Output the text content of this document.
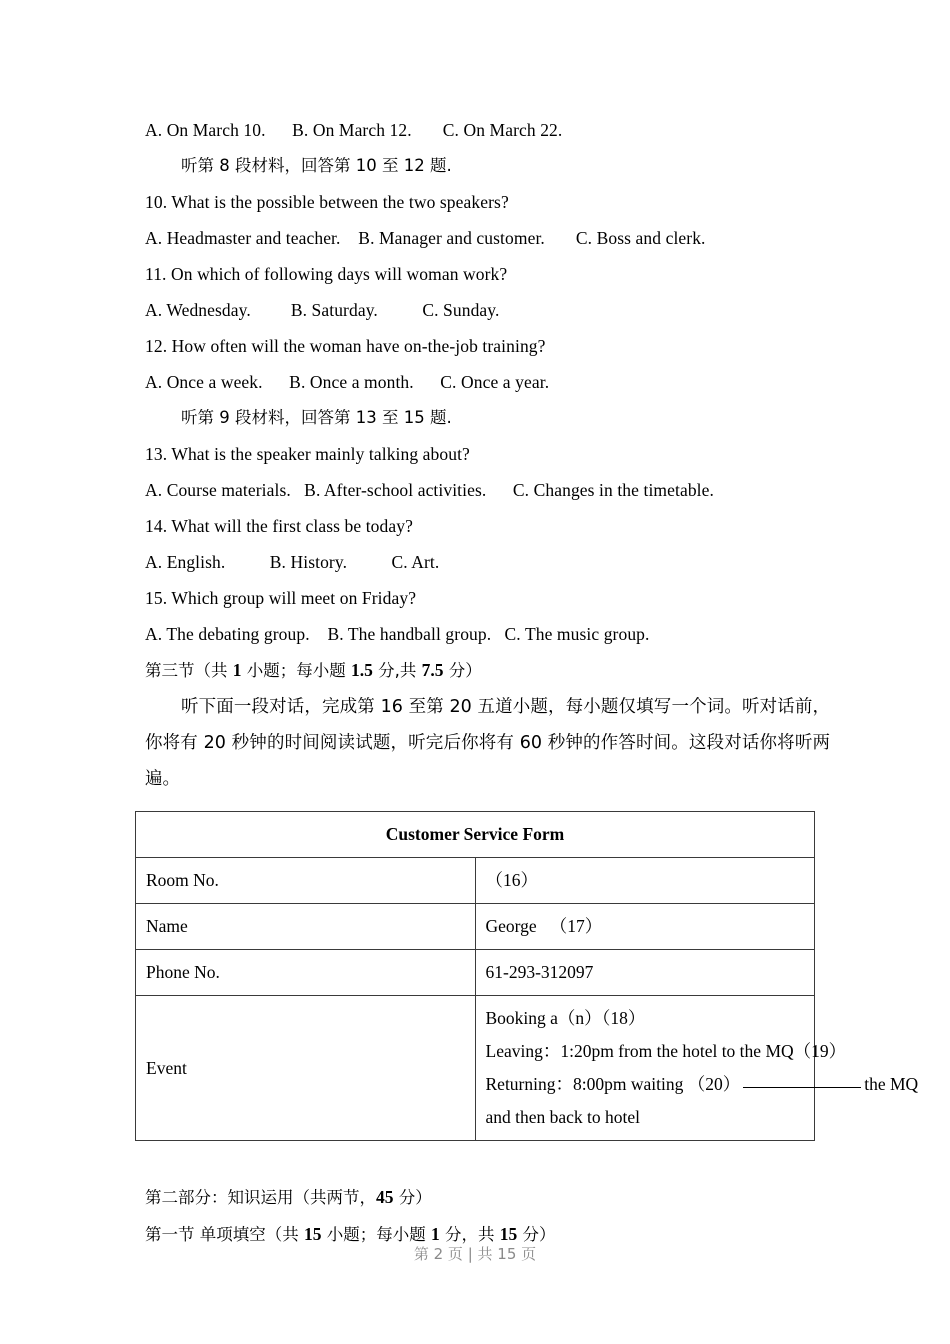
A. On March 10.   B. On March 12.    C. On March 22.
听第 8 段材料，回答第 10 至 12 题.
10. What is the possible between the two speakers?
A. Headmaster and teacher.   B. Manager and customer.    C. Boss and clerk.
11. On which of following days will woman work?
A. Wednesday.      B. Saturday.       C. Sunday.
12. How often will the woman have on-the-job training?
A. Once a week.   B. Once a month.   C. Once a year.
听第 9 段材料，回答第 13 至 15 题.
13. What is the speaker mainly talking about?
A. Course materials.  B. After-school activities.   C. Changes in the timetable.
14. What will the first class be today?
A. English.       B. History.       C. Art.
15. Which group will meet on Friday?
A. The debating group.   B. The handball group.  C. The music group.
第三节（共 1 小题；每小题 1.5 分,共 7.5 分）
听下面一段对话，完成第 16 至第 20 五道小题，每小题仅填写一个词。听对话前，你将有 20 秒钟的时间阅读试题，听完后你将有 60 秒钟的作答时间。这段对话你将听两遍。
Customer Service Form	
Room No.	（16）
Name	George 　（17）
Phone No.	61‐293‐312097
Event	Booking a（n）（18）
Leaving：1:20pm from the hotel to the MQ（19）
Returning：8:00pm waiting （20） the MQ
and then back to hotel
第二部分：知识运用（共两节，45 分）
第一节 单项填空（共 15 小题；每小题 1 分，共 15 分）
第 2 页 | 共 15 页
